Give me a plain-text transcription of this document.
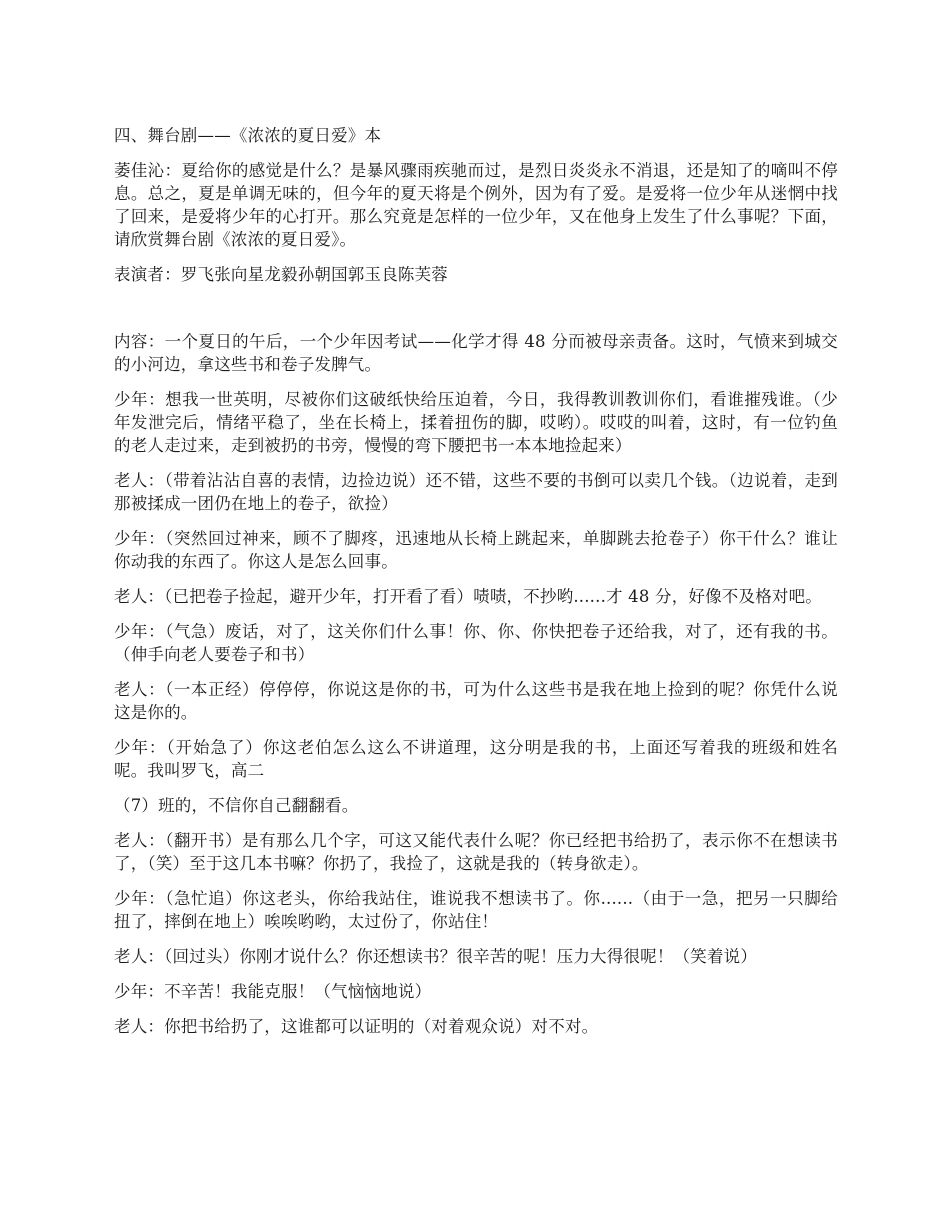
四、舞台剧——《浓浓的夏日爱》本

萎佳沁：夏给你的感觉是什么？是暴风骤雨疾驰而过，是烈日炎炎永不消退，还是知了的嘀叫不停息。总之，夏是单调无味的，但今年的夏天将是个例外，因为有了爱。是爱将一位少年从迷惘中找了回来，是爱将少年的心打开。那么究竟是怎样的一位少年，又在他身上发生了什么事呢？下面，请欣赏舞台剧《浓浓的夏日爱》。

表演者：罗飞张向星龙毅孙朝国郭玉良陈芙蓉

内容：一个夏日的午后，一个少年因考试——化学才得 48 分而被母亲责备。这时，气愤来到城交的小河边，拿这些书和卷子发脾气。

少年：想我一世英明，尽被你们这破纸快给压迫着，今日，我得教训教训你们，看谁摧残谁。（少年发泄完后，情绪平稳了，坐在长椅上，揉着扭伤的脚，哎哟）。哎哎的叫着，这时，有一位钓鱼的老人走过来，走到被扔的书旁，慢慢的弯下腰把书一本本地捡起来）

老人：（带着沾沾自喜的表情，边捡边说）还不错，这些不要的书倒可以卖几个钱。（边说着，走到那被揉成一团仍在地上的卷子，欲捡）

少年：（突然回过神来，顾不了脚疼，迅速地从长椅上跳起来，单脚跳去抢卷子）你干什么？谁让你动我的东西了。你这人是怎么回事。

老人：（已把卷子捡起，避开少年，打开看了看）啧啧，不抄哟......才 48 分，好像不及格对吧。

少年：（气急）废话，对了，这关你们什么事！你、你、你快把卷子还给我，对了，还有我的书。（伸手向老人要卷子和书）

老人：（一本正经）停停停，你说这是你的书，可为什么这些书是我在地上捡到的呢？你凭什么说这是你的。

少年：（开始急了）你这老伯怎么这么不讲道理，这分明是我的书，上面还写着我的班级和姓名呢。我叫罗飞，高二

（7）班的，不信你自己翻翻看。

老人：（翻开书）是有那么几个字，可这又能代表什么呢？你已经把书给扔了，表示你不在想读书了，（笑）至于这几本书嘛？你扔了，我捡了，这就是我的（转身欲走）。

少年：（急忙追）你这老头，你给我站住，谁说我不想读书了。你......（由于一急，把另一只脚给扭了，摔倒在地上）唉唉哟哟，太过份了，你站住！

老人：（回过头）你刚才说什么？你还想读书？很辛苦的呢！压力大得很呢！（笑着说）

少年：不辛苦！我能克服！（气恼恼地说）

老人：你把书给扔了，这谁都可以证明的（对着观众说）对不对。
